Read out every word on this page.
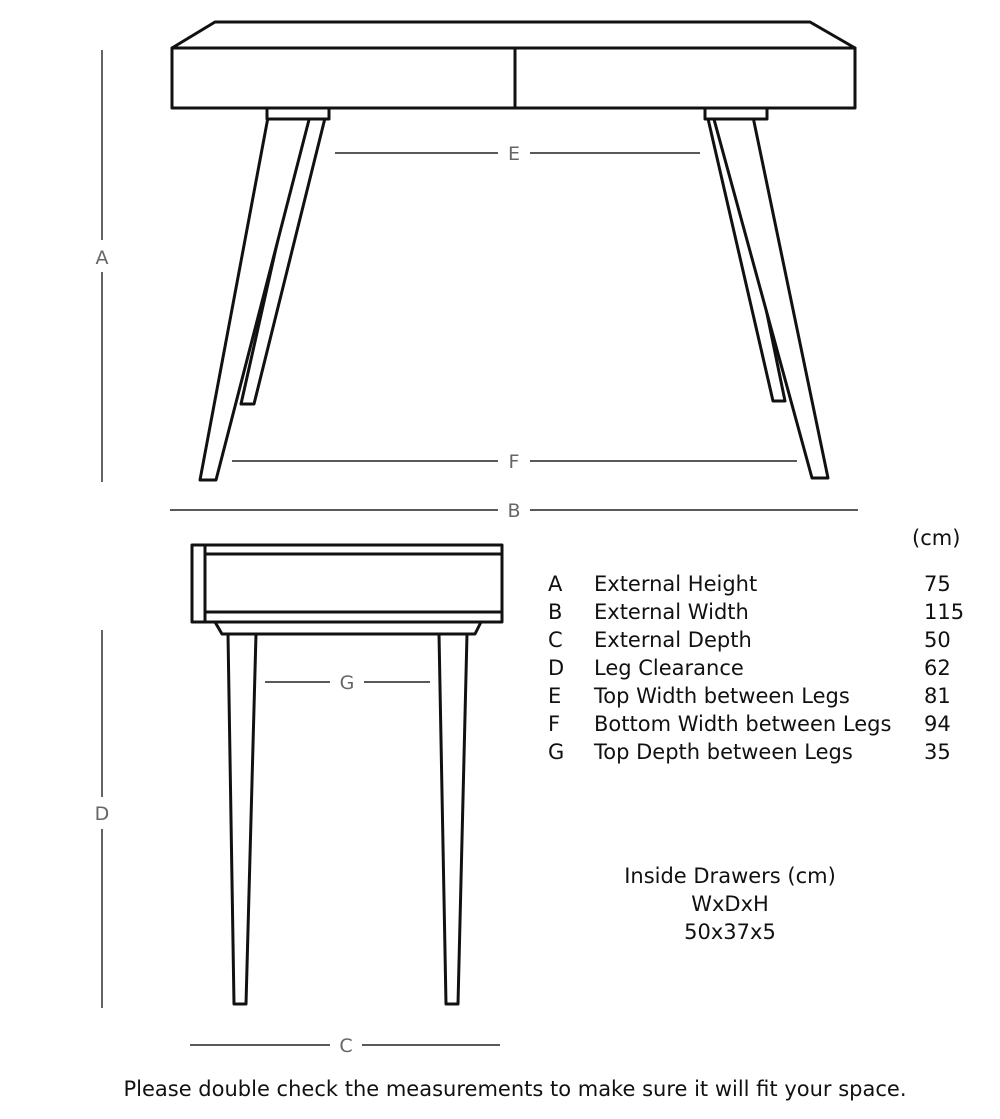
A
B
C
D
E
F
G
(cm)
A	External Height	75
B	External Width	115
C	External Depth	50
D	Leg Clearance	62
E	Top Width between Legs	81
F	Bottom Width between Legs	94
G	Top Depth between Legs	35
Inside Drawers (cm)
WxDxH
50x37x5
Please double check the measurements to make sure it will fit your space.
